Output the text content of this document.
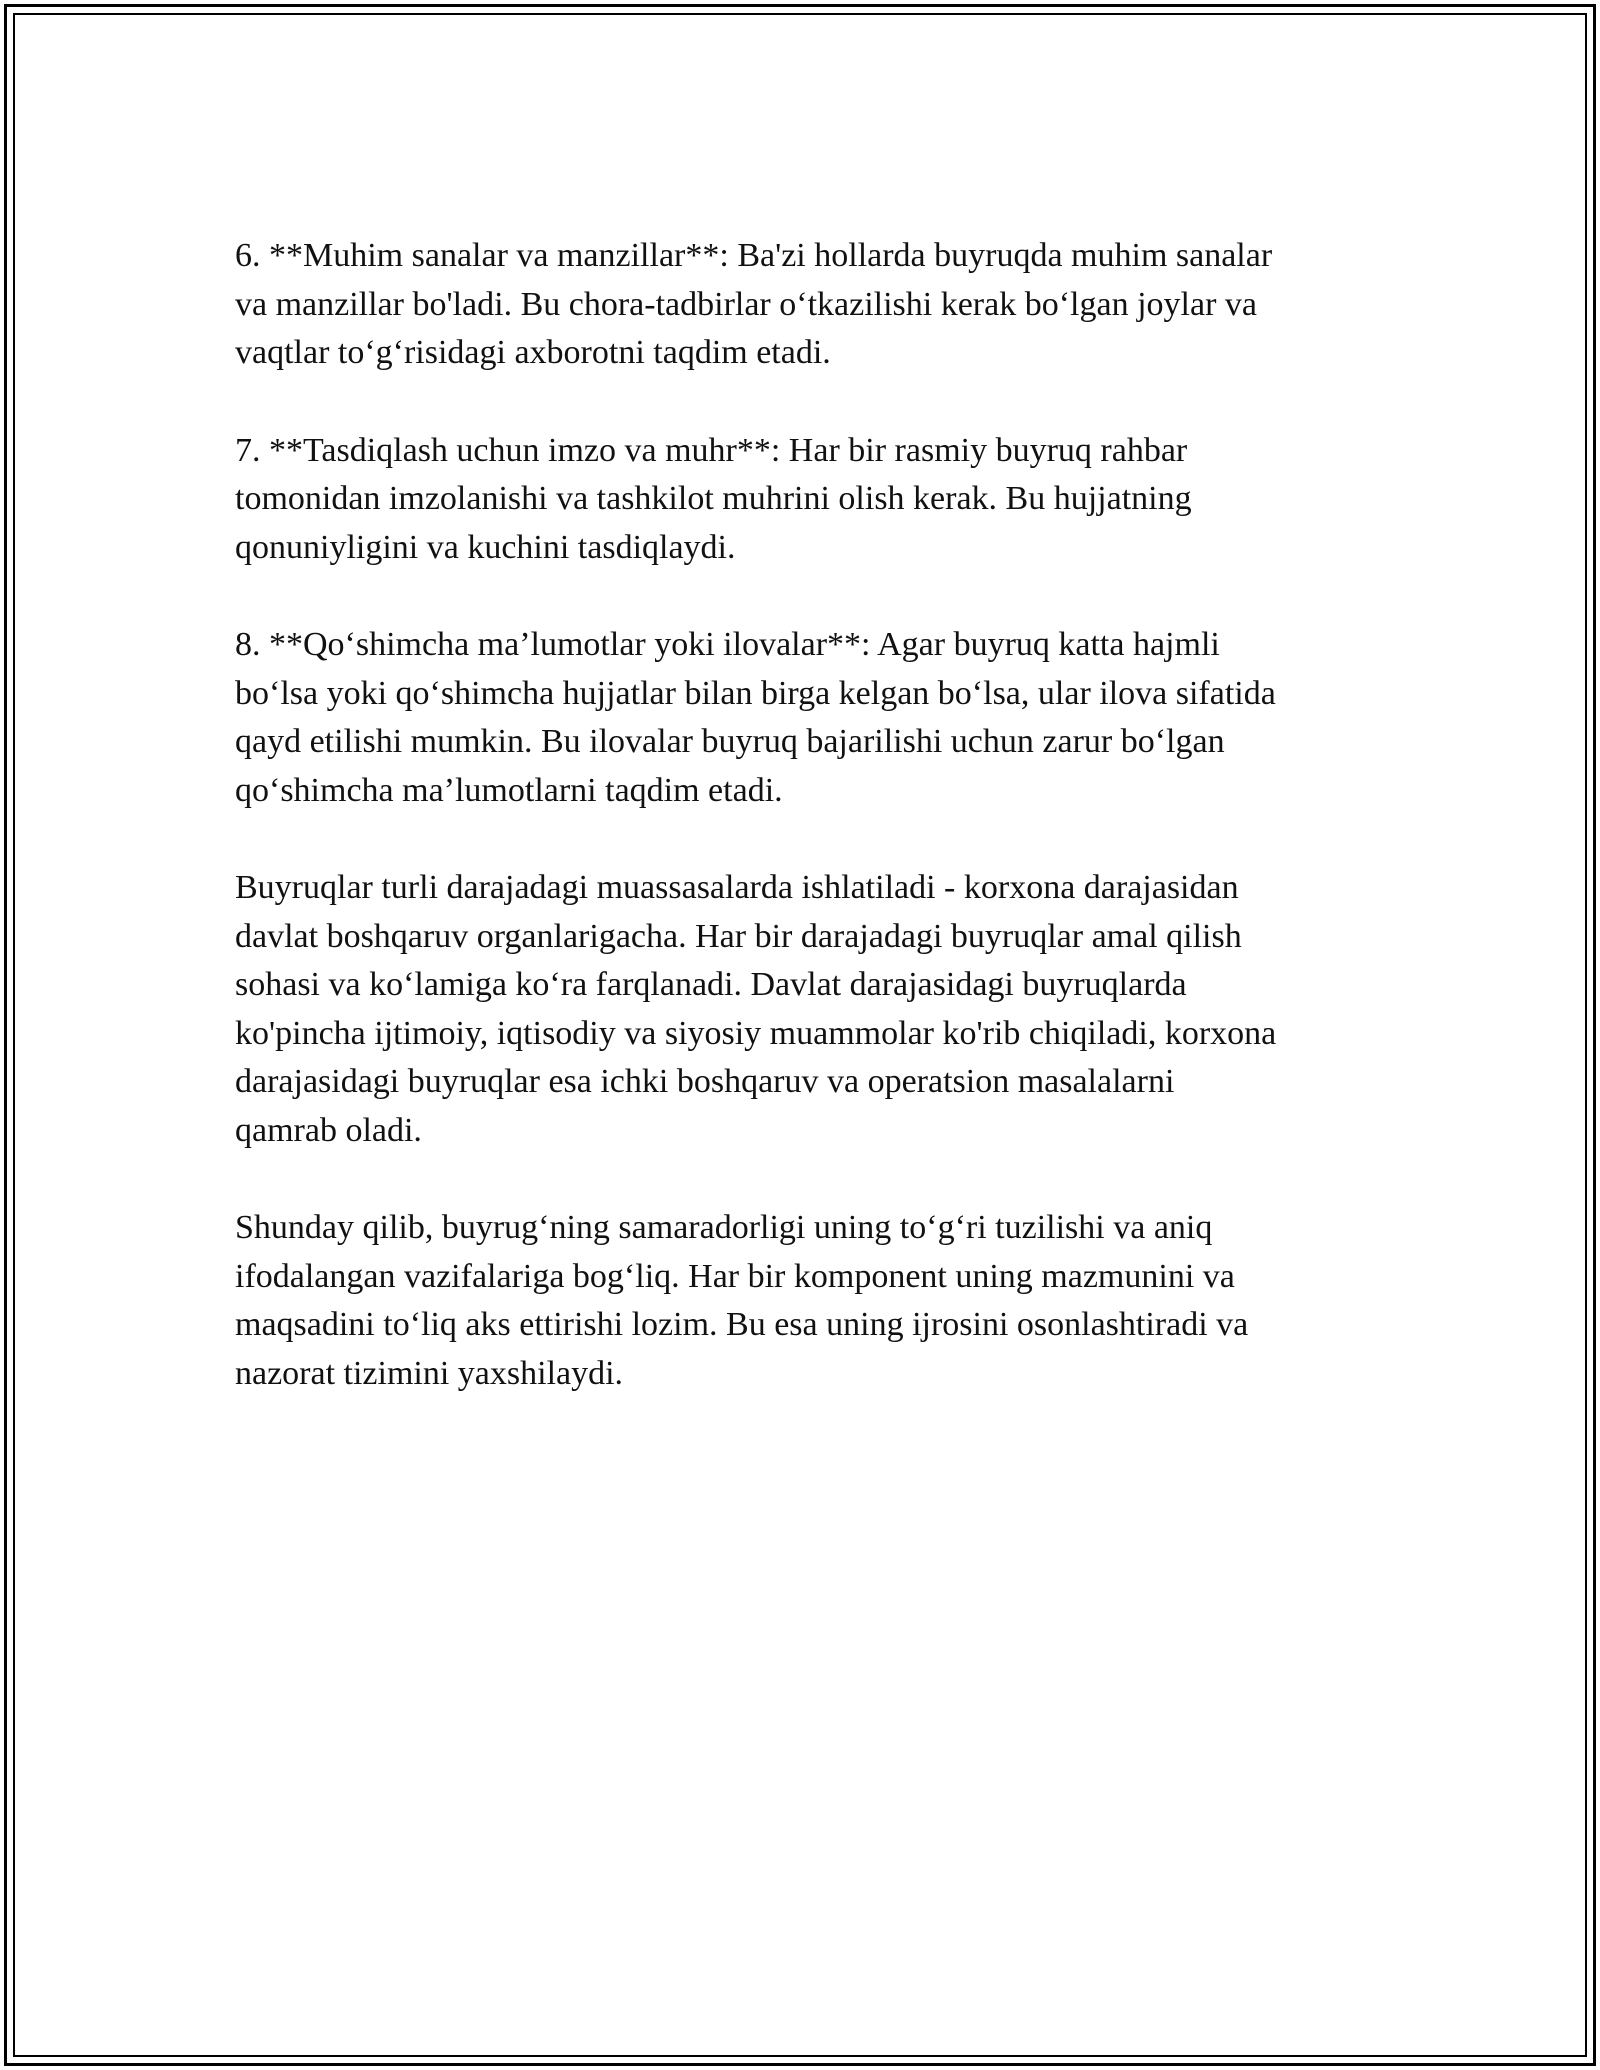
6. **Muhim sanalar va manzillar**: Ba'zi hollarda buyruqda muhim sanalar
va manzillar bo'ladi. Bu chora-tadbirlar o‘tkazilishi kerak bo‘lgan joylar va
vaqtlar to‘g‘risidagi axborotni taqdim etadi.

7. **Tasdiqlash uchun imzo va muhr**: Har bir rasmiy buyruq rahbar
tomonidan imzolanishi va tashkilot muhrini olish kerak. Bu hujjatning
qonuniyligini va kuchini tasdiqlaydi.

8. **Qo‘shimcha ma’lumotlar yoki ilovalar**: Agar buyruq katta hajmli
bo‘lsa yoki qo‘shimcha hujjatlar bilan birga kelgan bo‘lsa, ular ilova sifatida
qayd etilishi mumkin. Bu ilovalar buyruq bajarilishi uchun zarur bo‘lgan
qo‘shimcha ma’lumotlarni taqdim etadi.

Buyruqlar turli darajadagi muassasalarda ishlatiladi - korxona darajasidan
davlat boshqaruv organlarigacha. Har bir darajadagi buyruqlar amal qilish
sohasi va ko‘lamiga ko‘ra farqlanadi. Davlat darajasidagi buyruqlarda
ko'pincha ijtimoiy, iqtisodiy va siyosiy muammolar ko'rib chiqiladi, korxona
darajasidagi buyruqlar esa ichki boshqaruv va operatsion masalalarni
qamrab oladi.

Shunday qilib, buyrug‘ning samaradorligi uning to‘g‘ri tuzilishi va aniq
ifodalangan vazifalariga bog‘liq. Har bir komponent uning mazmunini va
maqsadini to‘liq aks ettirishi lozim. Bu esa uning ijrosini osonlashtiradi va
nazorat tizimini yaxshilaydi.
